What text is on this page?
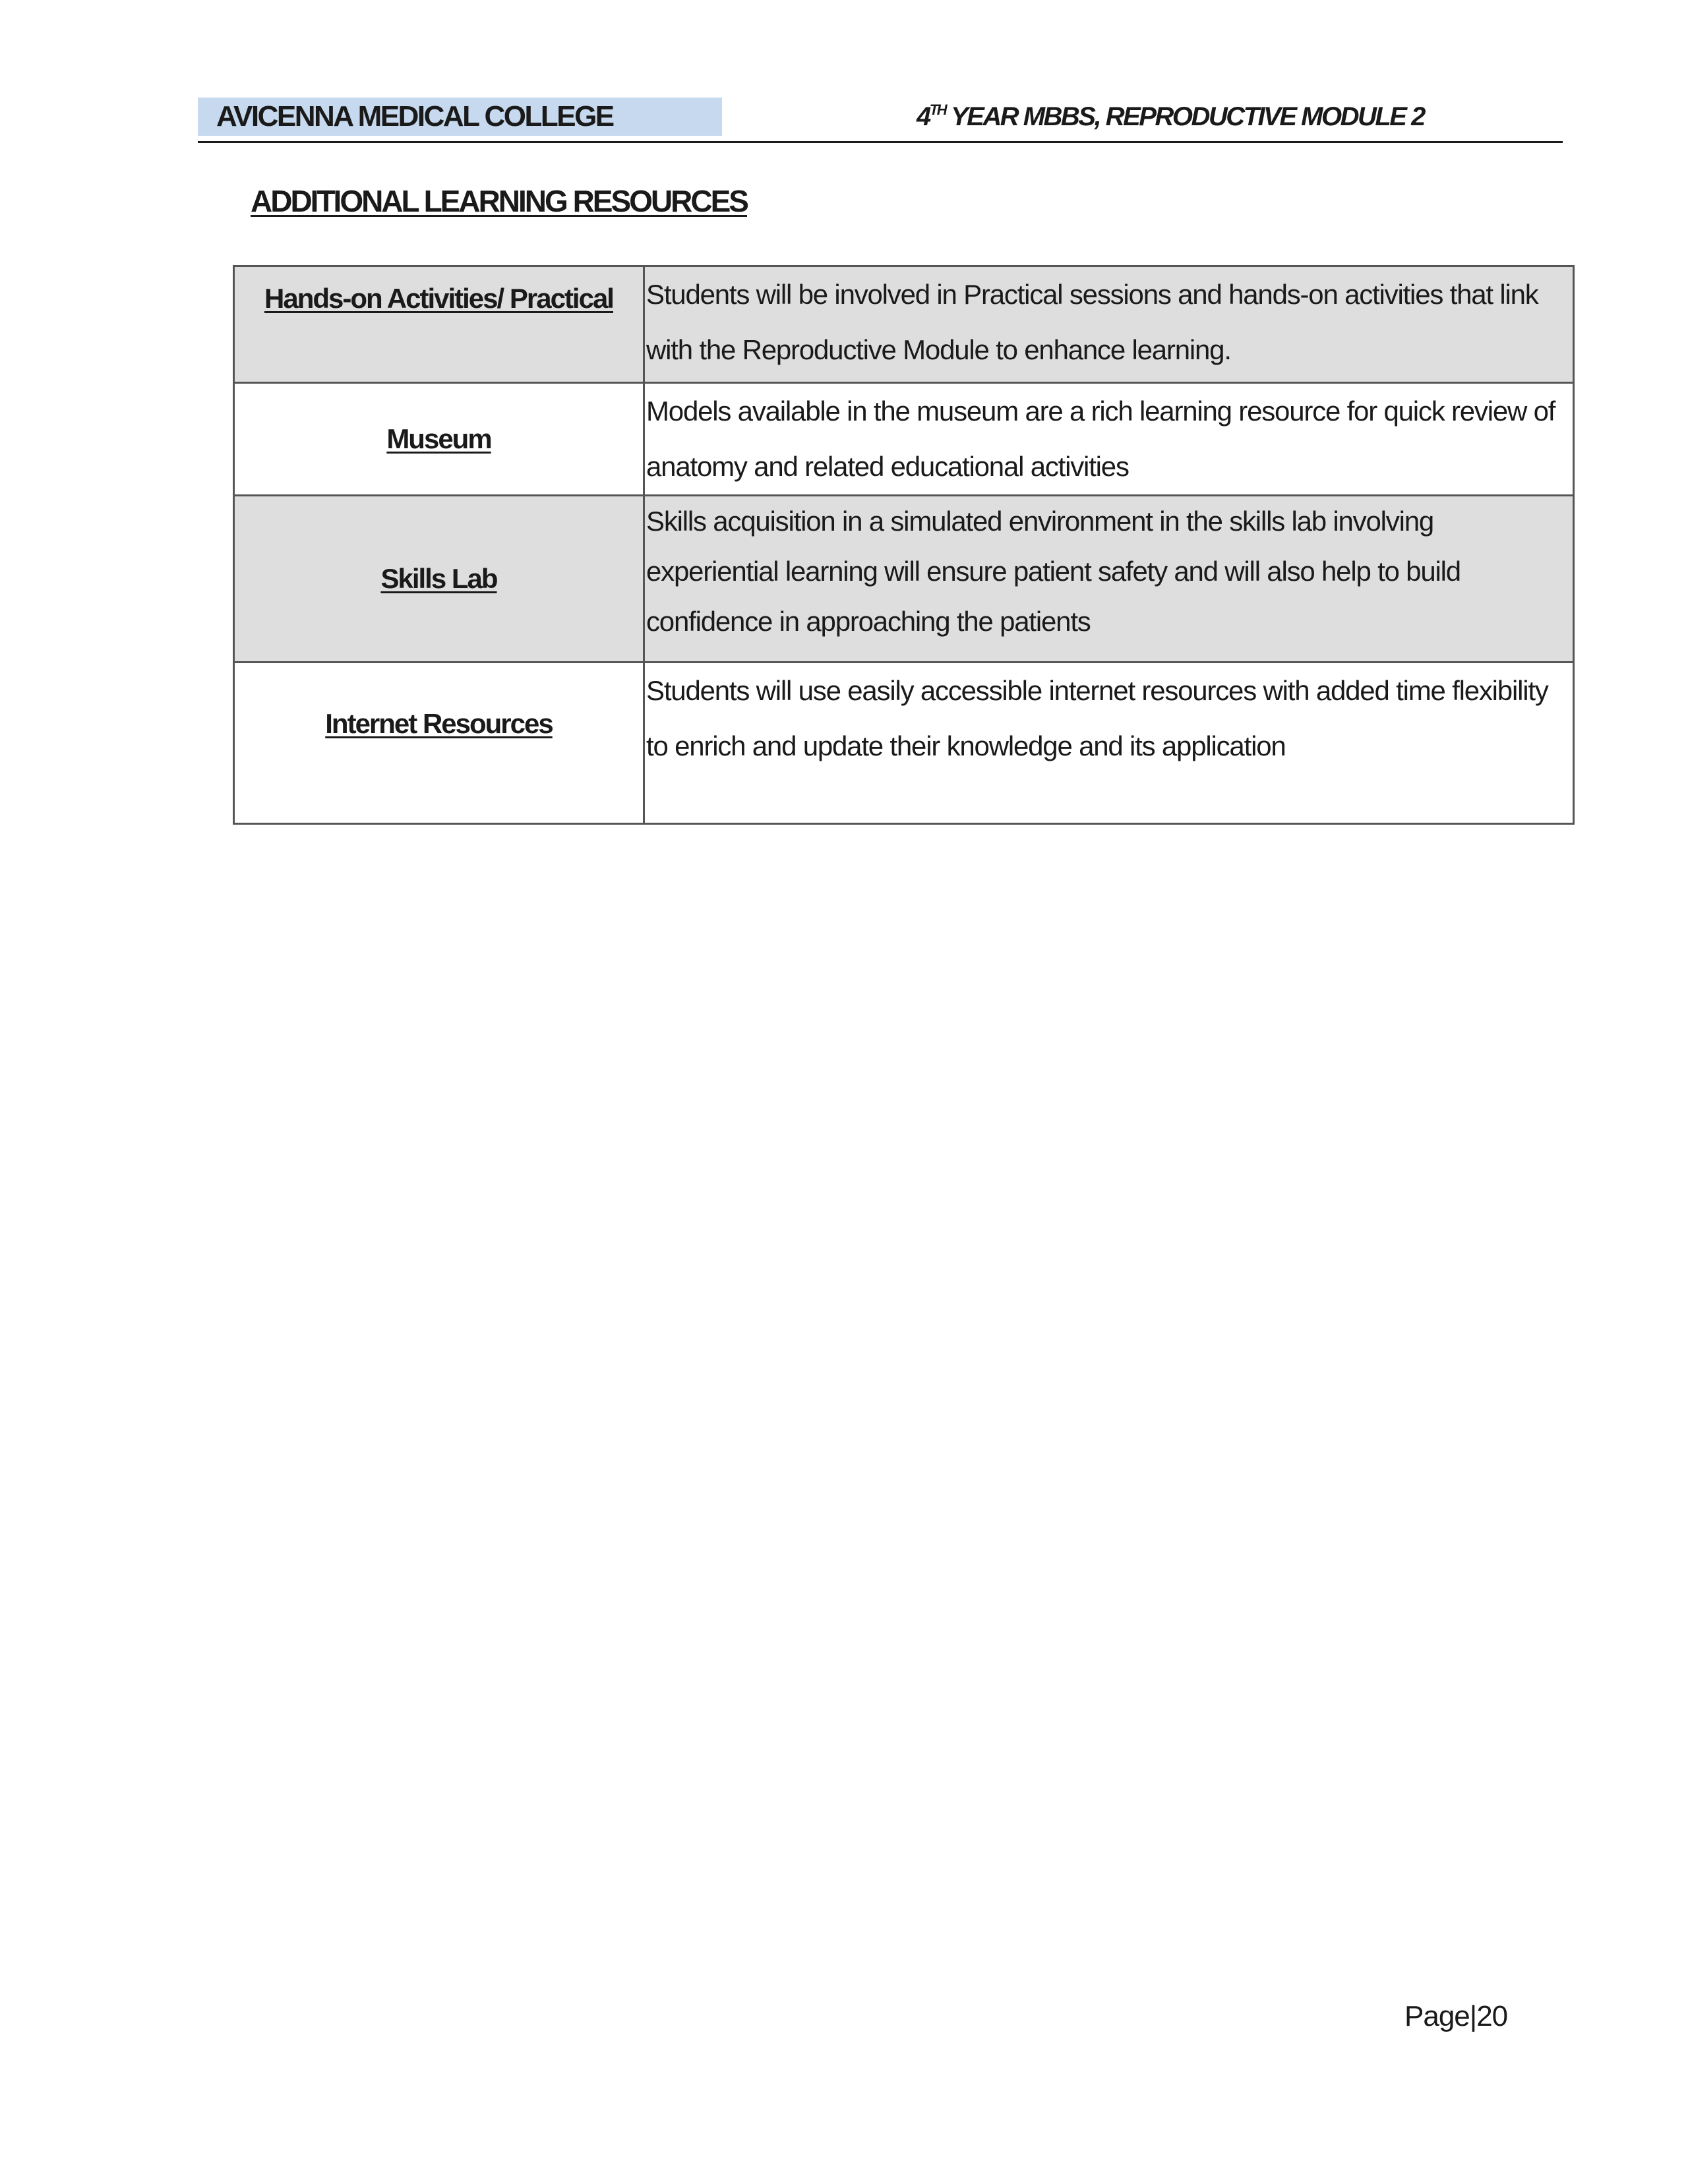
AVICENNA MEDICAL COLLEGE	4TH YEAR MBBS, REPRODUCTIVE MODULE 2
ADDITIONAL LEARNING RESOURCES
Hands-on Activities/ Practical	Students will be involved in Practical sessions and hands-on activities that link with the Reproductive Module to enhance learning.
Museum	Models available in the museum are a rich learning resource for quick review of anatomy and related educational activities
Skills Lab	Skills acquisition in a simulated environment in the skills lab involving experiential learning will ensure patient safety and will also help to build confidence in approaching the patients
Internet Resources	Students will use easily accessible internet resources with added time flexibility to enrich and update their knowledge and its application
Page|20
